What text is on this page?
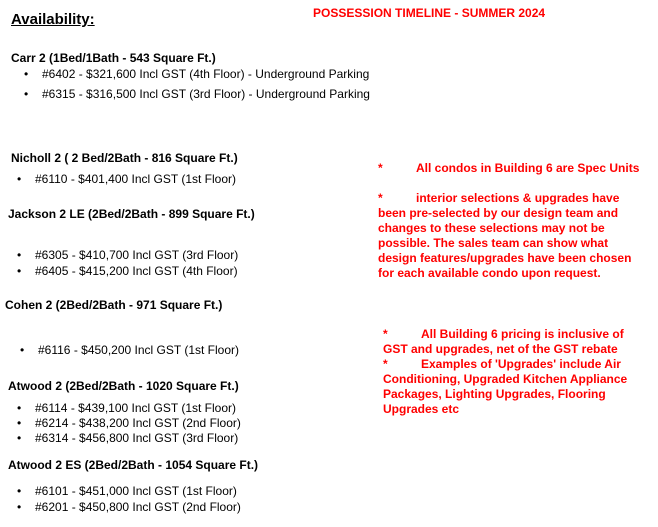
Availability:	POSSESSION TIMELINE - SUMMER 2024
Carr 2 (1Bed/1Bath - 543 Square Ft.)
• #6402 - $321,600 Incl GST (4th Floor) - Underground Parking
• #6315 - $316,500 Incl GST (3rd Floor) - Underground Parking
Nicholl 2 ( 2 Bed/2Bath - 816 Square Ft.)
• #6110 - $401,400 Incl GST (1st Floor)
Jackson 2 LE (2Bed/2Bath - 899 Square Ft.)
• #6305 - $410,700 Incl GST (3rd Floor)
• #6405 - $415,200 Incl GST (4th Floor)
Cohen 2 (2Bed/2Bath - 971 Square Ft.)
• #6116 - $450,200 Incl GST (1st Floor)
Atwood 2 (2Bed/2Bath - 1020 Square Ft.)
• #6114 - $439,100 Incl GST (1st Floor)
• #6214 - $438,200 Incl GST (2nd Floor)
• #6314 - $456,800 Incl GST (3rd Floor)
Atwood 2 ES (2Bed/2Bath - 1054 Square Ft.)
• #6101 - $451,000 Incl GST (1st Floor)
• #6201 - $450,800 Incl GST (2nd Floor)
*	All condos in Building 6 are Spec Units
*	interior selections & upgrades have been pre-selected by our design team and changes to these selections may not be possible. The sales team can show what design features/upgrades have been chosen for each available condo upon request.
*	All Building 6 pricing is inclusive of GST and upgrades, net of the GST rebate
*	Examples of 'Upgrades' include Air Conditioning, Upgraded Kitchen Appliance Packages, Lighting Upgrades, Flooring Upgrades etc
